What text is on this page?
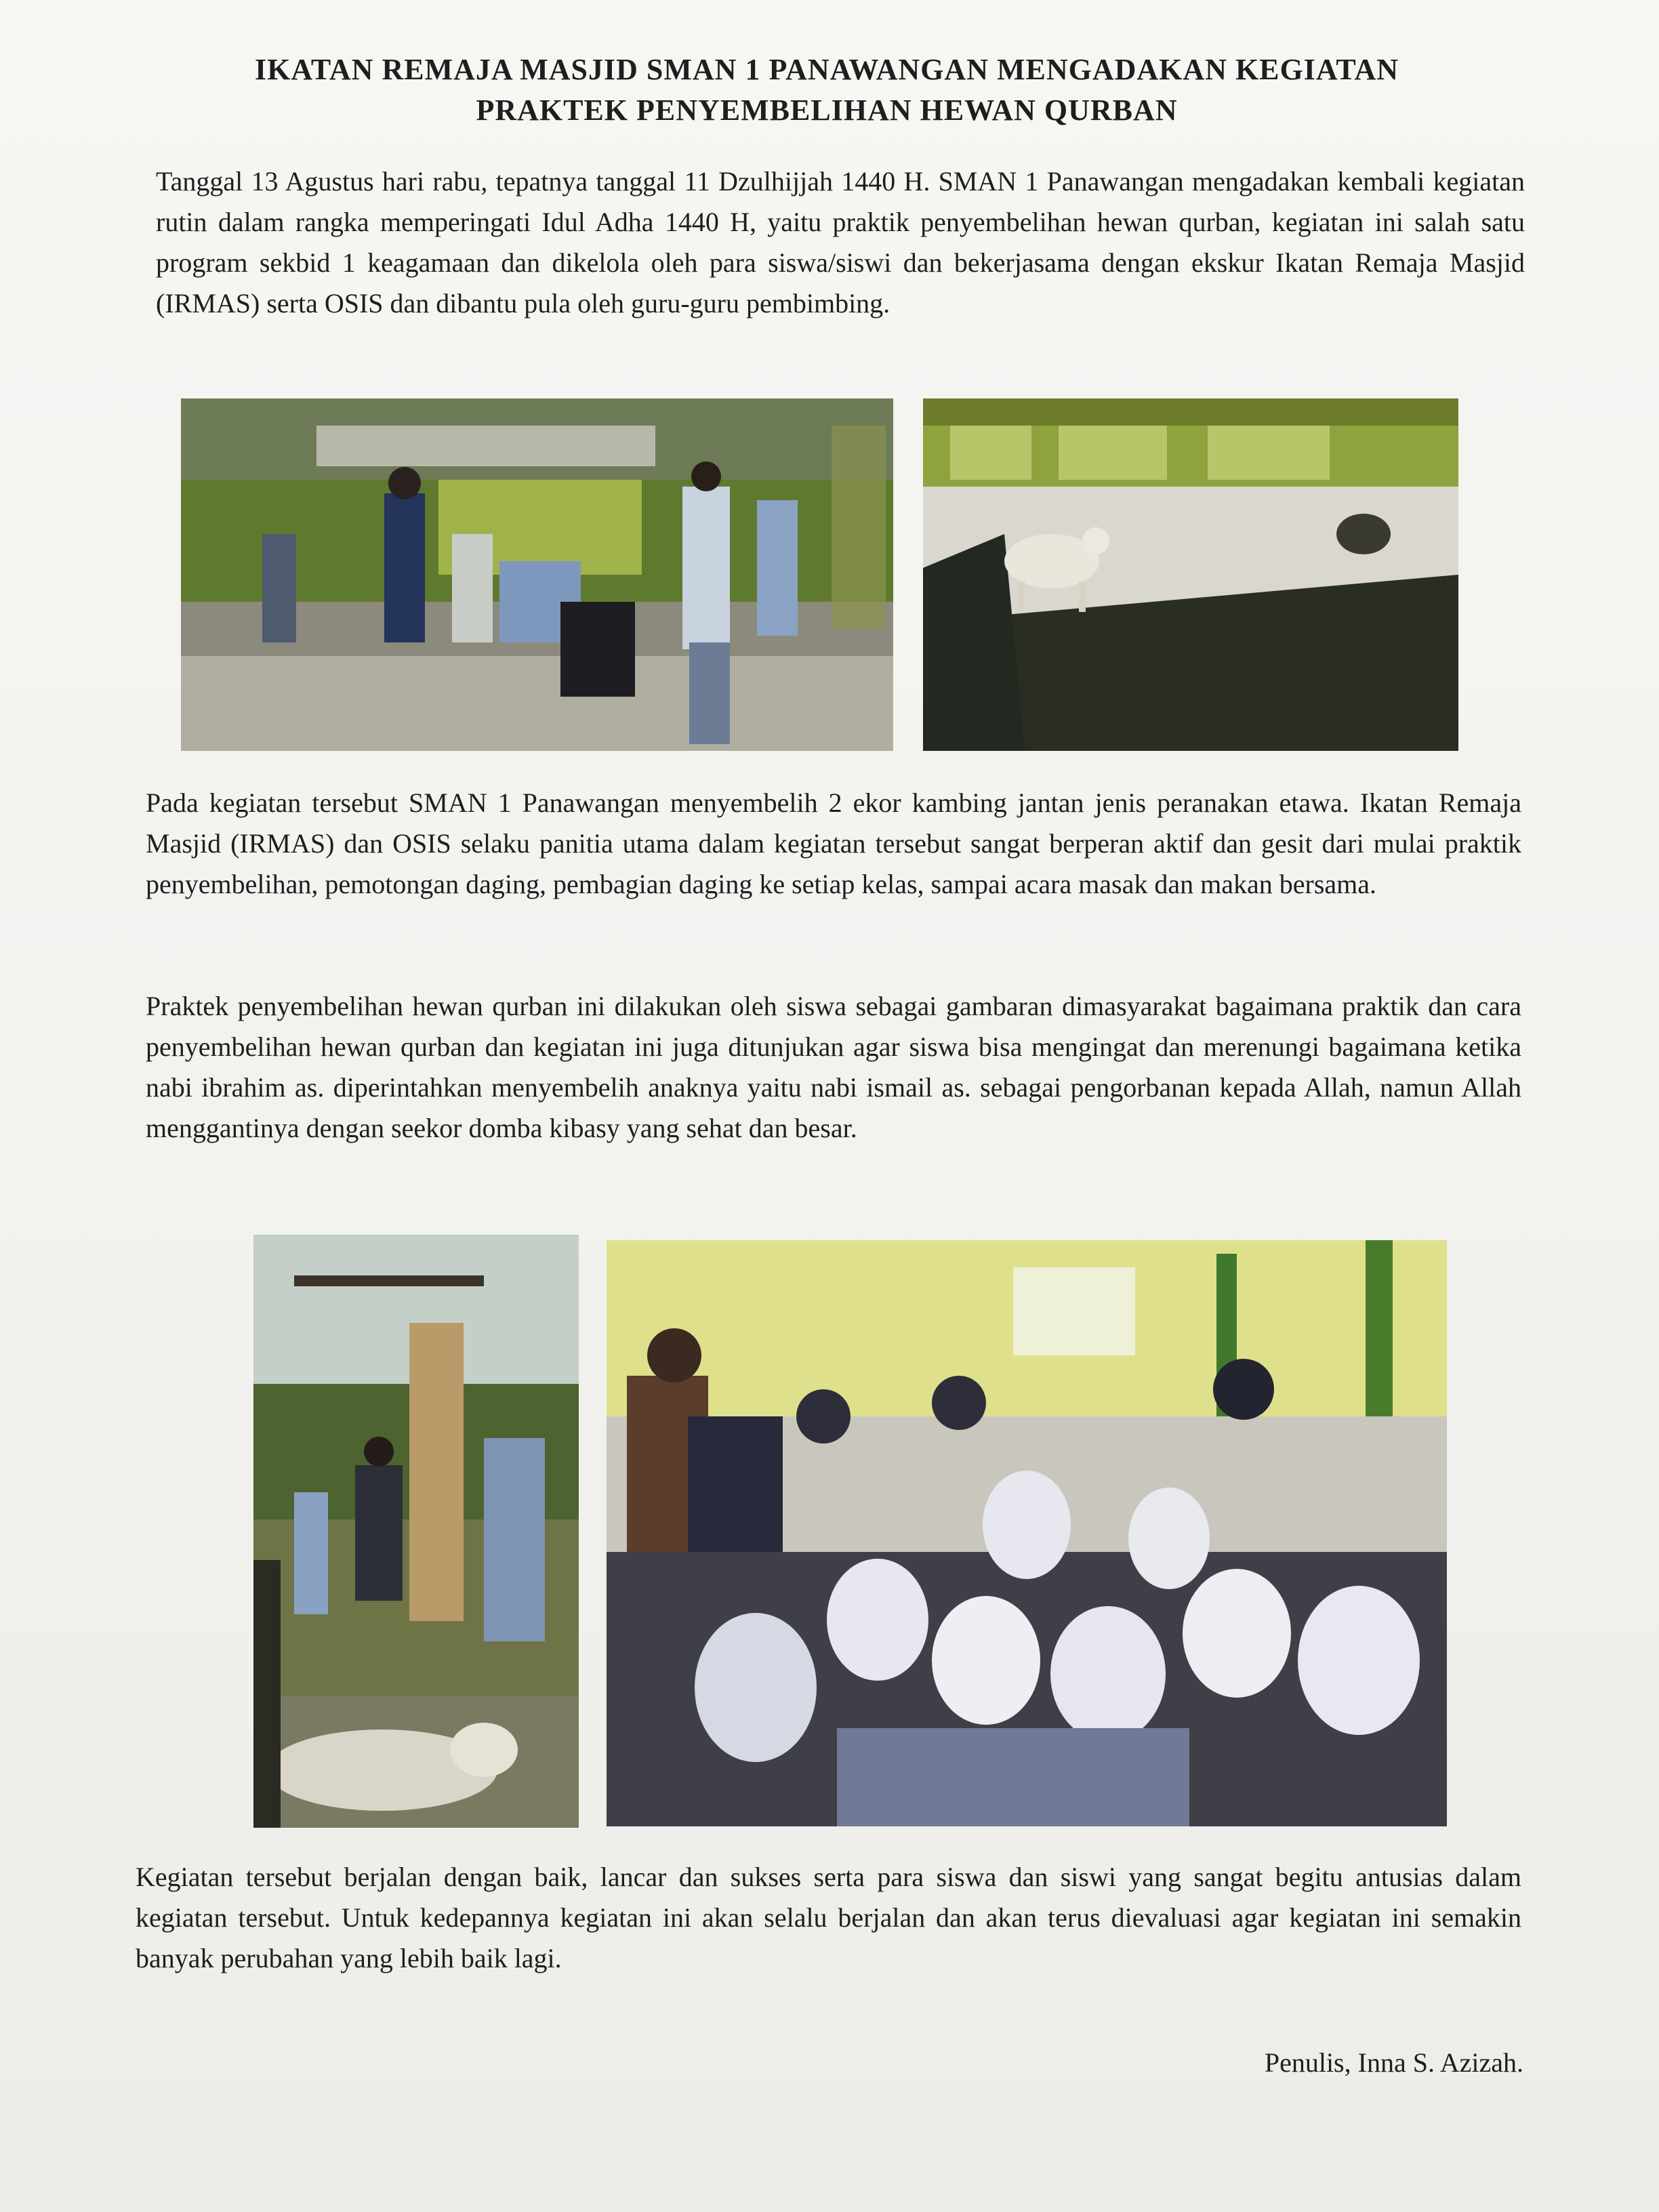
IKATAN REMAJA MASJID SMAN 1 PANAWANGAN MENGADAKAN KEGIATAN
PRAKTEK PENYEMBELIHAN HEWAN QURBAN
Tanggal 13 Agustus hari rabu, tepatnya tanggal 11 Dzulhijjah 1440 H. SMAN 1 Panawangan mengadakan kembali kegiatan rutin dalam rangka memperingati Idul Adha 1440 H, yaitu praktik penyembelihan hewan qurban, kegiatan ini salah satu program sekbid 1 keagamaan dan dikelola oleh para siswa/siswi dan bekerjasama dengan ekskur Ikatan Remaja Masjid (IRMAS) serta OSIS dan dibantu pula oleh guru-guru pembimbing.
Pada kegiatan tersebut SMAN 1 Panawangan menyembelih 2 ekor kambing jantan jenis peranakan etawa. Ikatan Remaja Masjid (IRMAS) dan OSIS selaku panitia utama dalam kegiatan tersebut sangat berperan aktif dan gesit dari mulai praktik penyembelihan, pemotongan daging, pembagian daging ke setiap kelas, sampai acara masak dan makan bersama.
Praktek penyembelihan hewan qurban ini dilakukan oleh siswa sebagai gambaran dimasyarakat bagaimana praktik dan cara penyembelihan hewan qurban dan kegiatan ini juga ditunjukan agar siswa bisa mengingat dan merenungi bagaimana ketika nabi ibrahim as. diperintahkan menyembelih anaknya yaitu nabi ismail as. sebagai pengorbanan kepada Allah, namun Allah menggantinya dengan seekor domba kibasy yang sehat dan besar.
Kegiatan tersebut berjalan dengan baik, lancar dan sukses serta para siswa dan siswi yang sangat begitu antusias dalam kegiatan tersebut. Untuk kedepannya kegiatan ini akan selalu berjalan dan akan terus dievaluasi agar kegiatan ini semakin banyak perubahan yang lebih baik lagi.
Penulis, Inna S. Azizah.
